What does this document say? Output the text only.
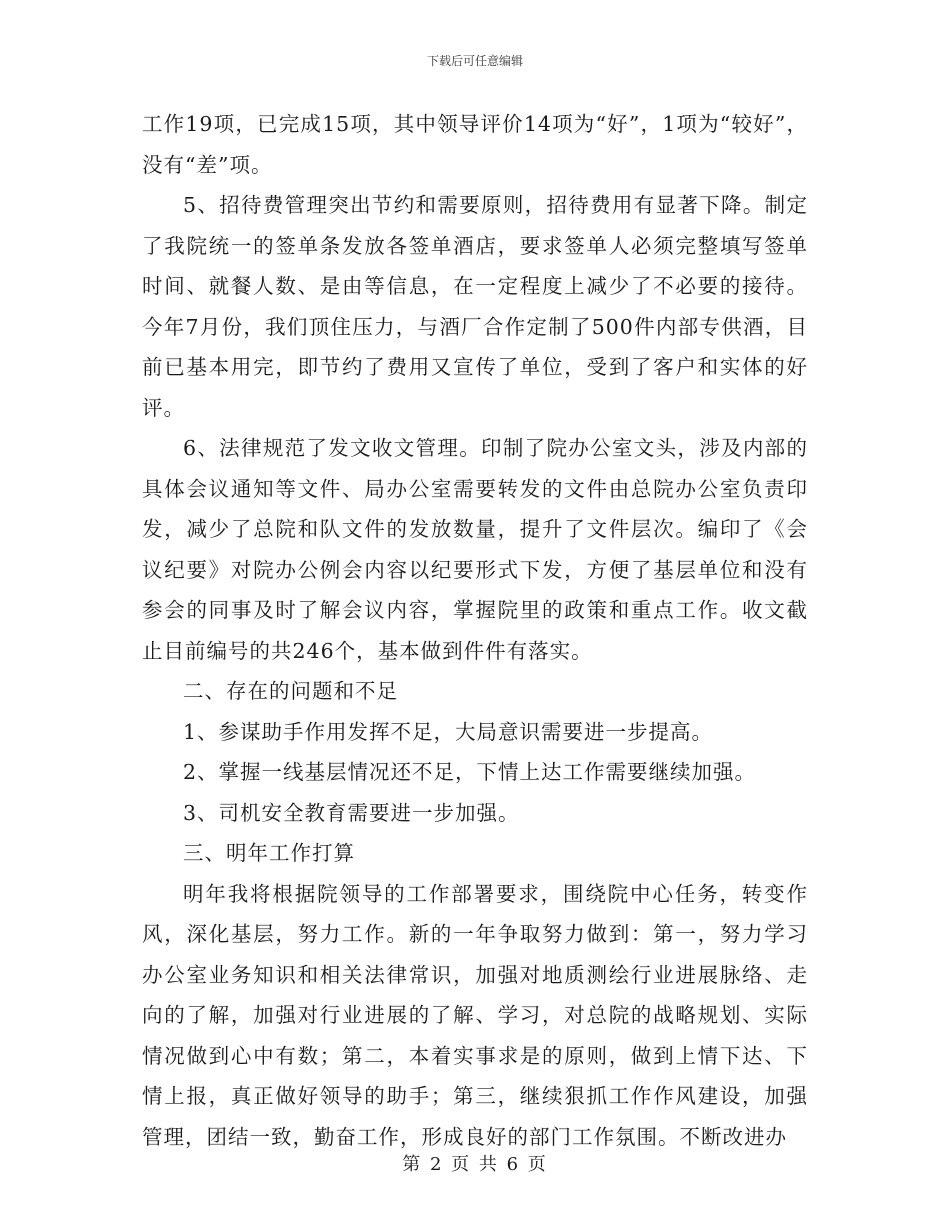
下载后可任意编辑

工作19项，已完成15项，其中领导评价14项为“好”，1项为“较好”，没有“差”项。

5、招待费管理突出节约和需要原则，招待费用有显著下降。制定了我院统一的签单条发放各签单酒店，要求签单人必须完整填写签单时间、就餐人数、是由等信息，在一定程度上减少了不必要的接待。今年7月份，我们顶住压力，与酒厂合作定制了500件内部专供酒，目前已基本用完，即节约了费用又宣传了单位，受到了客户和实体的好评。

6、法律规范了发文收文管理。印制了院办公室文头，涉及内部的具体会议通知等文件、局办公室需要转发的文件由总院办公室负责印发，减少了总院和队文件的发放数量，提升了文件层次。编印了《会议纪要》对院办公例会内容以纪要形式下发，方便了基层单位和没有参会的同事及时了解会议内容，掌握院里的政策和重点工作。收文截止目前编号的共246个，基本做到件件有落实。

二、存在的问题和不足

1、参谋助手作用发挥不足，大局意识需要进一步提高。

2、掌握一线基层情况还不足，下情上达工作需要继续加强。

3、司机安全教育需要进一步加强。

三、明年工作打算

明年我将根据院领导的工作部署要求，围绕院中心任务，转变作风，深化基层，努力工作。新的一年争取努力做到：第一，努力学习办公室业务知识和相关法律常识，加强对地质测绘行业进展脉络、走向的了解，加强对行业进展的了解、学习，对总院的战略规划、实际情况做到心中有数；第二，本着实事求是的原则，做到上情下达、下情上报，真正做好领导的助手；第三，继续狠抓工作作风建设，加强管理，团结一致，勤奋工作，形成良好的部门工作氛围。不断改进办

第 2 页 共 6 页
